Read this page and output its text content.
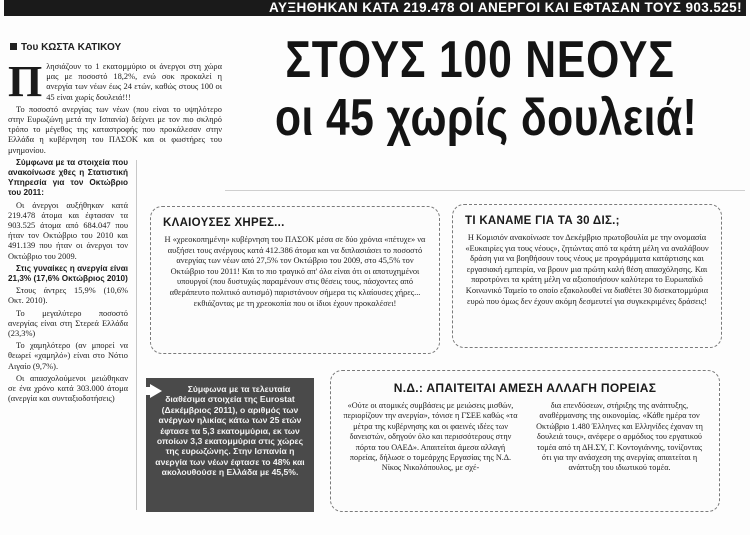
ΑΥΞΗΘΗΚΑΝ ΚΑΤΑ 219.478 ΟΙ ΑΝΕΡΓΟΙ ΚΑΙ ΕΦΤΑΣΑΝ ΤΟΥΣ 903.525!
Του ΚΩΣΤΑ ΚΑΤΙΚΟΥ	ΣΤΟΥΣ 100 ΝΕΟΥΣ
οι 45 χωρίς δουλειά!
Π λησιάζουν το 1 εκατομμύριο οι άνεργοι στη χώρα μας με ποσοστό 18,2%, ενώ σοκ προκαλεί η ανεργία των νέων έως 24 ετών, καθώς στους 100 οι 45 είναι χωρίς δουλειά!!!

Το ποσοστό ανεργίας των νέων (που είναι το υψηλότερο στην Ευρωζώνη μετά την Ισπανία) δείχνει με τον πιο σκληρό τρόπο το μέγεθος της καταστροφής που προκάλεσαν στην Ελλάδα η κυβέρνηση του ΠΑΣΟΚ και οι φωστήρες του μνημονίου.

Σύμφωνα με τα στοιχεία που ανακοίνωσε χθες η Στατιστική Υπηρεσία για τον Οκτώβριο του 2011:

Οι άνεργοι αυξήθηκαν κατά 219.478 άτομα και έφτασαν τα 903.525 άτομα από 684.047 που ήταν τον Οκτώβριο του 2010 και 491.139 που ήταν οι άνεργοι τον Οκτώβριο του 2009.

Στις γυναίκες η ανεργία είναι 21,3% (17,6% Οκτώβριος 2010)

Στους άντρες 15,9% (10,6% Οκτ. 2010).

Το μεγαλύτερο ποσοστό ανεργίας είναι στη Στερεά Ελλάδα (23,3%)

Το χαμηλότερο (αν μπορεί να θεωρεί «χαμηλό») είναι στο Νότιο Αιγαίο (9,7%).

Οι απασχολούμενοι μειώθηκαν σε ένα χρόνο κατά 303.000 άτομα (ανεργία και συνταξιοδοτήσεις)

ΚΛΑΙΟΥΣΕΣ ΧΗΡΕΣ...

Η «χρεοκοπημένη» κυβέρνηση του ΠΑΣΟΚ μέσα σε δύο χρόνια «πέτυχε» να αυξήσει τους ανέργους κατά 412.386 άτομα και να διπλασιάσει το ποσοστό ανεργίας των νέων από 27,5% τον Οκτώβριο του 2009, στο 45,5% τον Οκτώβριο του 2011! Και το πιο τραγικό απ' όλα είναι ότι οι αποτυχημένοι υπουργοί (που δυστυχώς παραμένουν στις θέσεις τους, πάσχοντες από αθεράπευτο πολιτικό αυτισμό) παριστάνουν σήμερα τις κλαίουσες χήρες... εκθιάζοντας με τη χρεοκοπία που οι ίδιοι έχουν προκαλέσει!

ΤΙ ΚΑΝΑΜΕ ΓΙΑ ΤΑ 30 ΔΙΣ.;

Η Κομισιόν ανακοίνωσε τον Δεκέμβριο πρωτοβουλία με την ονομασία «Ευκαιρίες για τους νέους», ζητώντας από τα κράτη μέλη να αναλάβουν δράση για να βοηθήσουν τους νέους με προγράμματα κατάρτισης και εργασιακή εμπειρία, να βρουν μια πρώτη καλή θέση απασχόλησης. Και παροτρύνει τα κράτη μέλη να αξιοποιήσουν καλύτερα το Ευρωπαϊκό Κοινωνικό Ταμείο το οποίο εξακολουθεί να διαθέτει 30 δισεκατομμύρια ευρώ που όμως δεν έχουν ακόμη δεσμευτεί για συγκεκριμένες δράσεις!

Σύμφωνα με τα τελευταία διαθέσιμα στοιχεία της Eurostat (Δεκέμβριος 2011), ο αριθμός των ανέργων ηλικίας κάτω των 25 ετών έφτασε τα 5,3 εκατομμύρια, εκ των οποίων 3,3 εκατομμύρια στις χώρες της ευρωζώνης. Στην Ισπανία η ανεργία των νέων έφτασε το 48% και ακολουθούσε η Ελλάδα με 45,5%.
Ν.Δ.: ΑΠΑΙΤΕΙΤΑΙ ΑΜΕΣΗ ΑΛΛΑΓΗ ΠΟΡΕΙΑΣ
«Ούτε οι ατομικές συμβάσεις με μειώσεις μισθών, περιορίζουν την ανεργία», τόνισε η ΓΣΕΕ καθώς «τα μέτρα της κυβέρνησης και οι φαεινές ιδέες των δανειστών, οδηγούν όλο και περισσότερους στην πόρτα του ΟΑΕΔ». Απαιτείται άμεσα αλλαγή πορείας, δήλωσε ο τομεάρχης Εργασίας της Ν.Δ. Νίκος Νικολόπουλος, με σχέ-
δια επενδύσεων, στήριξης της ανάπτυξης, αναθέρμανσης της οικονομίας. «Κάθε ημέρα τον Οκτώβριο 1.480 Έλληνες και Ελληνίδες έχαναν τη δουλειά τους», ανέφερε ο αρμόδιος του εργατικού τομέα από τη ΔΗ.ΣΥ, Γ. Κοντογιάννης, τονίζοντας ότι για την ανάσχεση της ανεργίας απαιτείται η ανάπτυξη του ιδιωτικού τομέα.
